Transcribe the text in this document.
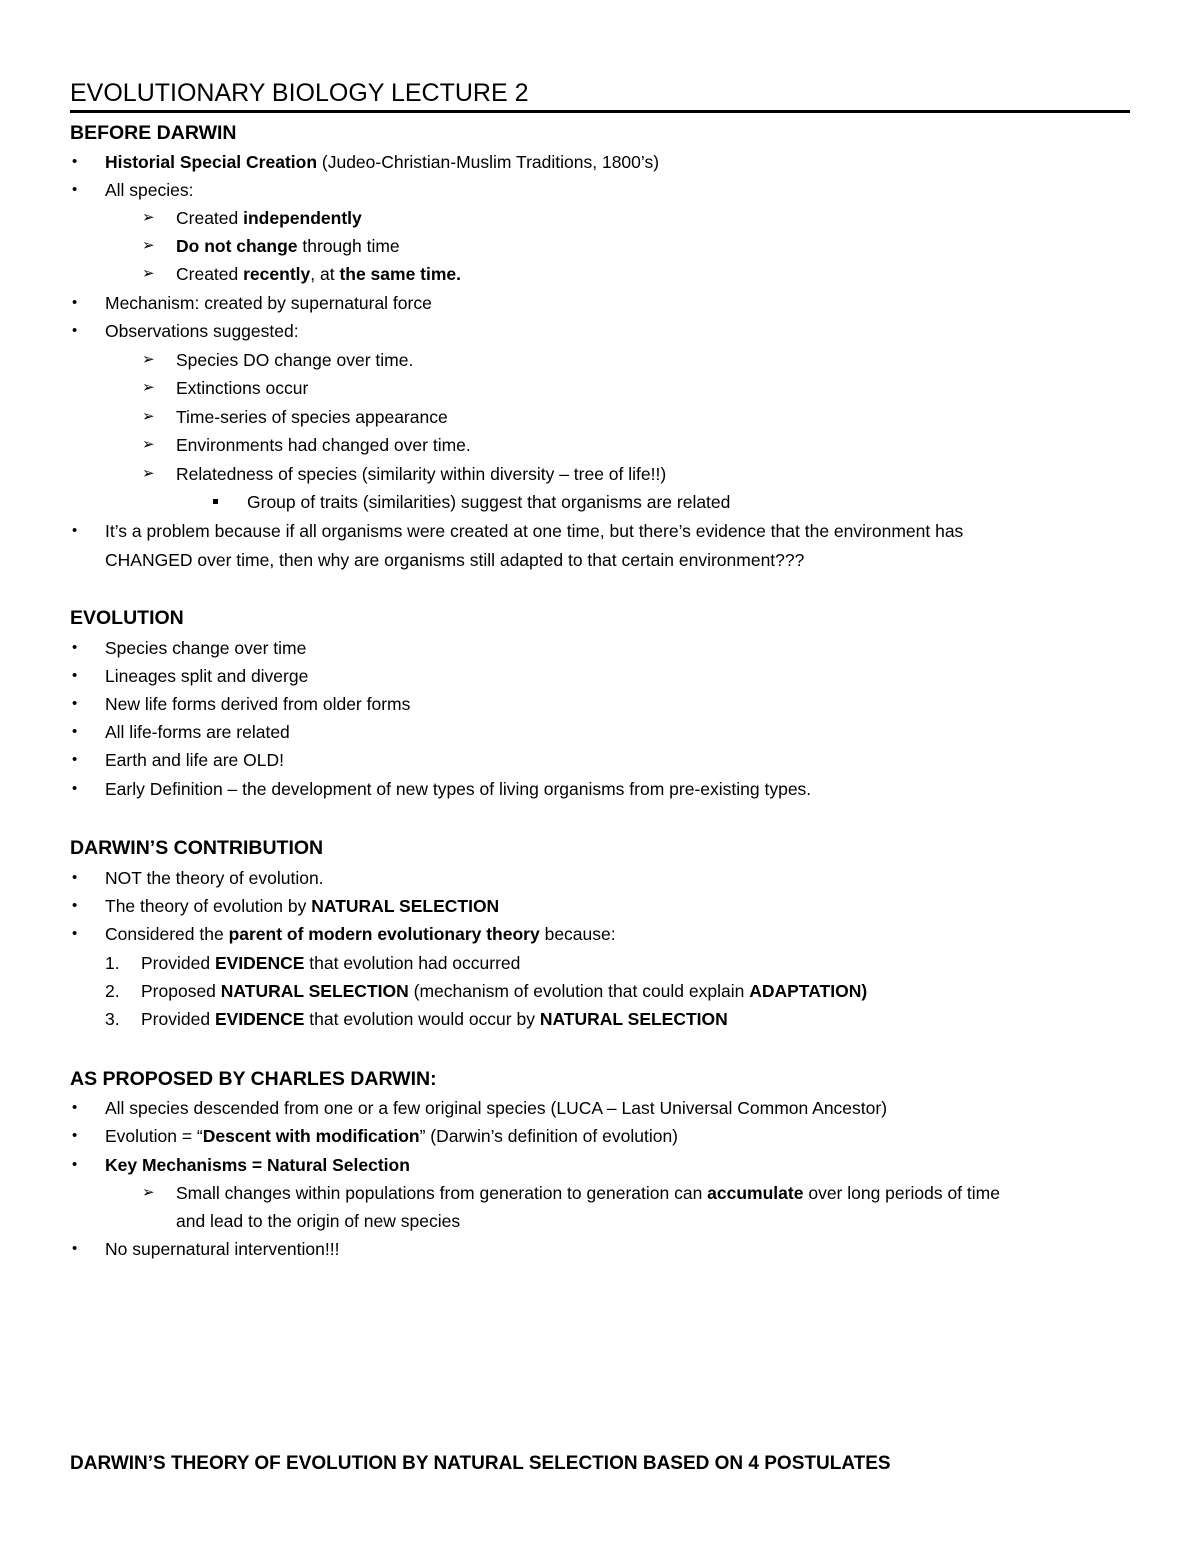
EVOLUTIONARY BIOLOGY LECTURE 2
BEFORE DARWIN
• Historial Special Creation (Judeo-Christian-Muslim Traditions, 1800’s)
• All species:
➢ Created independently
➢ Do not change through time
➢ Created recently, at the same time.
• Mechanism: created by supernatural force
• Observations suggested:
➢ Species DO change over time.
➢ Extinctions occur
➢ Time-series of species appearance
➢ Environments had changed over time.
➢ Relatedness of species (similarity within diversity – tree of life!!)
Group of traits (similarities) suggest that organisms are related
• It’s a problem because if all organisms were created at one time, but there’s evidence that the environment has
CHANGED over time, then why are organisms still adapted to that certain environment???
EVOLUTION
• Species change over time
• Lineages split and diverge
• New life forms derived from older forms
• All life-forms are related
• Earth and life are OLD!
• Early Definition – the development of new types of living organisms from pre-existing types.
DARWIN’S CONTRIBUTION
• NOT the theory of evolution.
• The theory of evolution by NATURAL SELECTION
• Considered the parent of modern evolutionary theory because:
1. Provided EVIDENCE that evolution had occurred
2. Proposed NATURAL SELECTION (mechanism of evolution that could explain ADAPTATION)
3. Provided EVIDENCE that evolution would occur by NATURAL SELECTION
AS PROPOSED BY CHARLES DARWIN:
• All species descended from one or a few original species (LUCA – Last Universal Common Ancestor)
• Evolution = “Descent with modification” (Darwin’s definition of evolution)
• Key Mechanisms = Natural Selection
➢ Small changes within populations from generation to generation can accumulate over long periods of time
and lead to the origin of new species
• No supernatural intervention!!!
DARWIN’S THEORY OF EVOLUTION BY NATURAL SELECTION BASED ON 4 POSTULATES
